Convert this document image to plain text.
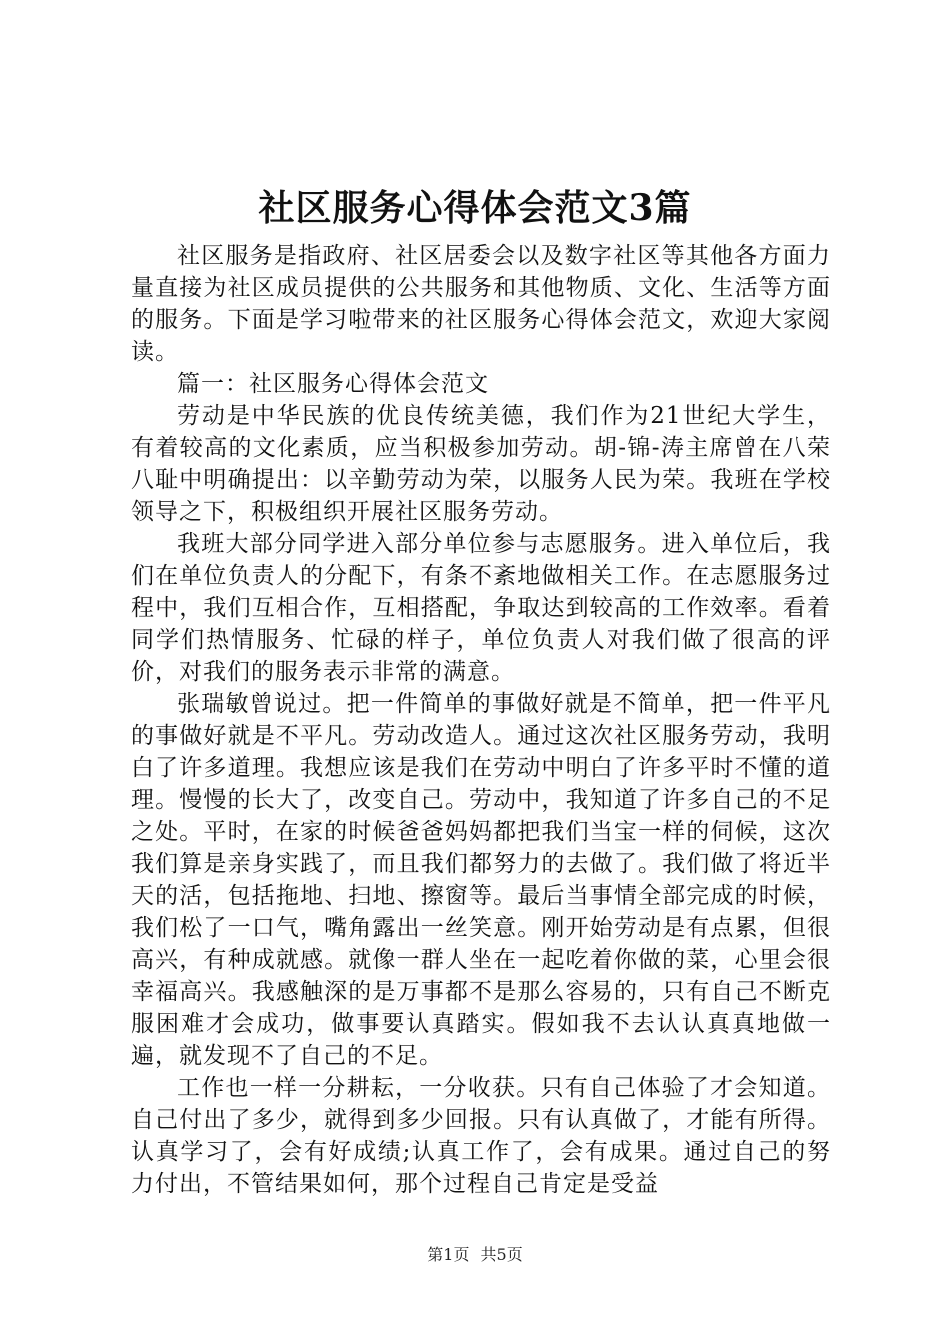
社区服务心得体会范文3篇

社区服务是指政府、社区居委会以及数字社区等其他各方面力量直接为社区成员提供的公共服务和其他物质、文化、生活等方面的服务。下面是学习啦带来的社区服务心得体会范文，欢迎大家阅读。

篇一：社区服务心得体会范文

劳动是中华民族的优良传统美德，我们作为21世纪大学生，有着较高的文化素质，应当积极参加劳动。胡-锦-涛主席曾在八荣八耻中明确提出：以辛勤劳动为荣，以服务人民为荣。我班在学校领导之下，积极组织开展社区服务劳动。

我班大部分同学进入部分单位参与志愿服务。进入单位后，我们在单位负责人的分配下，有条不紊地做相关工作。在志愿服务过程中，我们互相合作，互相搭配，争取达到较高的工作效率。看着同学们热情服务、忙碌的样子，单位负责人对我们做了很高的评价，对我们的服务表示非常的满意。

张瑞敏曾说过。把一件简单的事做好就是不简单，把一件平凡的事做好就是不平凡。劳动改造人。通过这次社区服务劳动，我明白了许多道理。我想应该是我们在劳动中明白了许多平时不懂的道理。慢慢的长大了，改变自己。劳动中，我知道了许多自己的不足之处。平时，在家的时候爸爸妈妈都把我们当宝一样的伺候，这次我们算是亲身实践了，而且我们都努力的去做了。我们做了将近半天的活，包括拖地、扫地、擦窗等。最后当事情全部完成的时候，我们松了一口气，嘴角露出一丝笑意。刚开始劳动是有点累，但很高兴，有种成就感。就像一群人坐在一起吃着你做的菜，心里会很幸福高兴。我感触深的是万事都不是那么容易的，只有自己不断克服困难才会成功，做事要认真踏实。假如我不去认认真真地做一遍，就发现不了自己的不足。

工作也一样一分耕耘，一分收获。只有自己体验了才会知道。自己付出了多少，就得到多少回报。只有认真做了，才能有所得。认真学习了，会有好成绩;认真工作了，会有成果。通过自己的努力付出，不管结果如何，那个过程自己肯定是受益

第1页 共5页
